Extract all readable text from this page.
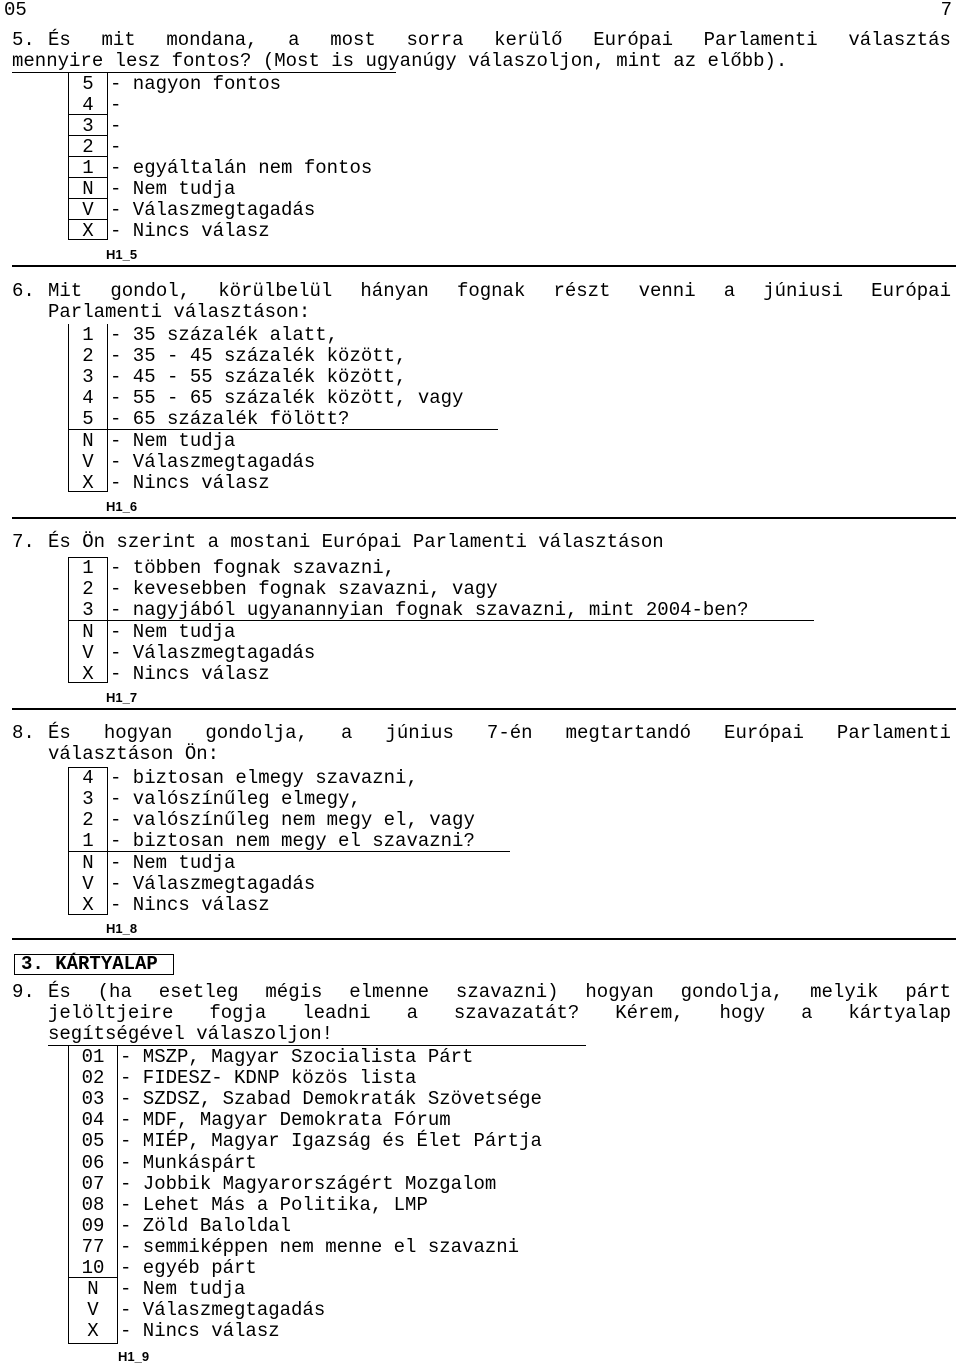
05	7
5. És mit mondana, a most sorra kerülő Európai Parlamenti választás
mennyire lesz fontos? (Most is ugyanúgy válaszoljon, mint az előbb).
5 - nagyon fontos
4 -
3 -
2 -
1 - egyáltalán nem fontos
N - Nem tudja
V - Válaszmegtagadás
X - Nincs válasz
H1_5
6. Mit gondol, körülbelül hányan fognak részt venni a júniusi Európai
Parlamenti választáson:
1 - 35 százalék alatt,
2 - 35 - 45 százalék között,
3 - 45 - 55 százalék között,
4 - 55 - 65 százalék között, vagy
5 - 65 százalék fölött?
N - Nem tudja
V - Válaszmegtagadás
X - Nincs válasz
H1_6
7. És Ön szerint a mostani Európai Parlamenti választáson
1 - többen fognak szavazni,
2 - kevesebben fognak szavazni, vagy
3 - nagyjából ugyanannyian fognak szavazni, mint 2004-ben?
N - Nem tudja
V - Válaszmegtagadás
X - Nincs válasz
H1_7
8. És hogyan gondolja, a június 7-én megtartandó Európai Parlamenti
választáson Ön:
4 - biztosan elmegy szavazni,
3 - valószínűleg elmegy,
2 - valószínűleg nem megy el, vagy
1 - biztosan nem megy el szavazni?
N - Nem tudja
V - Válaszmegtagadás
X - Nincs válasz
H1_8
3. KÁRTYALAP
9. És (ha esetleg mégis elmenne szavazni) hogyan gondolja, melyik párt
jelöltjeire fogja leadni a szavazatát? Kérem, hogy a kártyalap
segítségével válaszoljon!
01 - MSZP, Magyar Szocialista Párt
02 - FIDESZ- KDNP közös lista
03 - SZDSZ, Szabad Demokraták Szövetsége
04 - MDF, Magyar Demokrata Fórum
05 - MIÉP, Magyar Igazság és Élet Pártja
06 - Munkáspárt
07 - Jobbik Magyarországért Mozgalom
08 - Lehet Más a Politika, LMP
09 - Zöld Baloldal
77 - semmiképpen nem menne el szavazni
10 - egyéb párt
N	- Nem tudja
V	- Válaszmegtagadás
X	- Nincs válasz
H1_9
